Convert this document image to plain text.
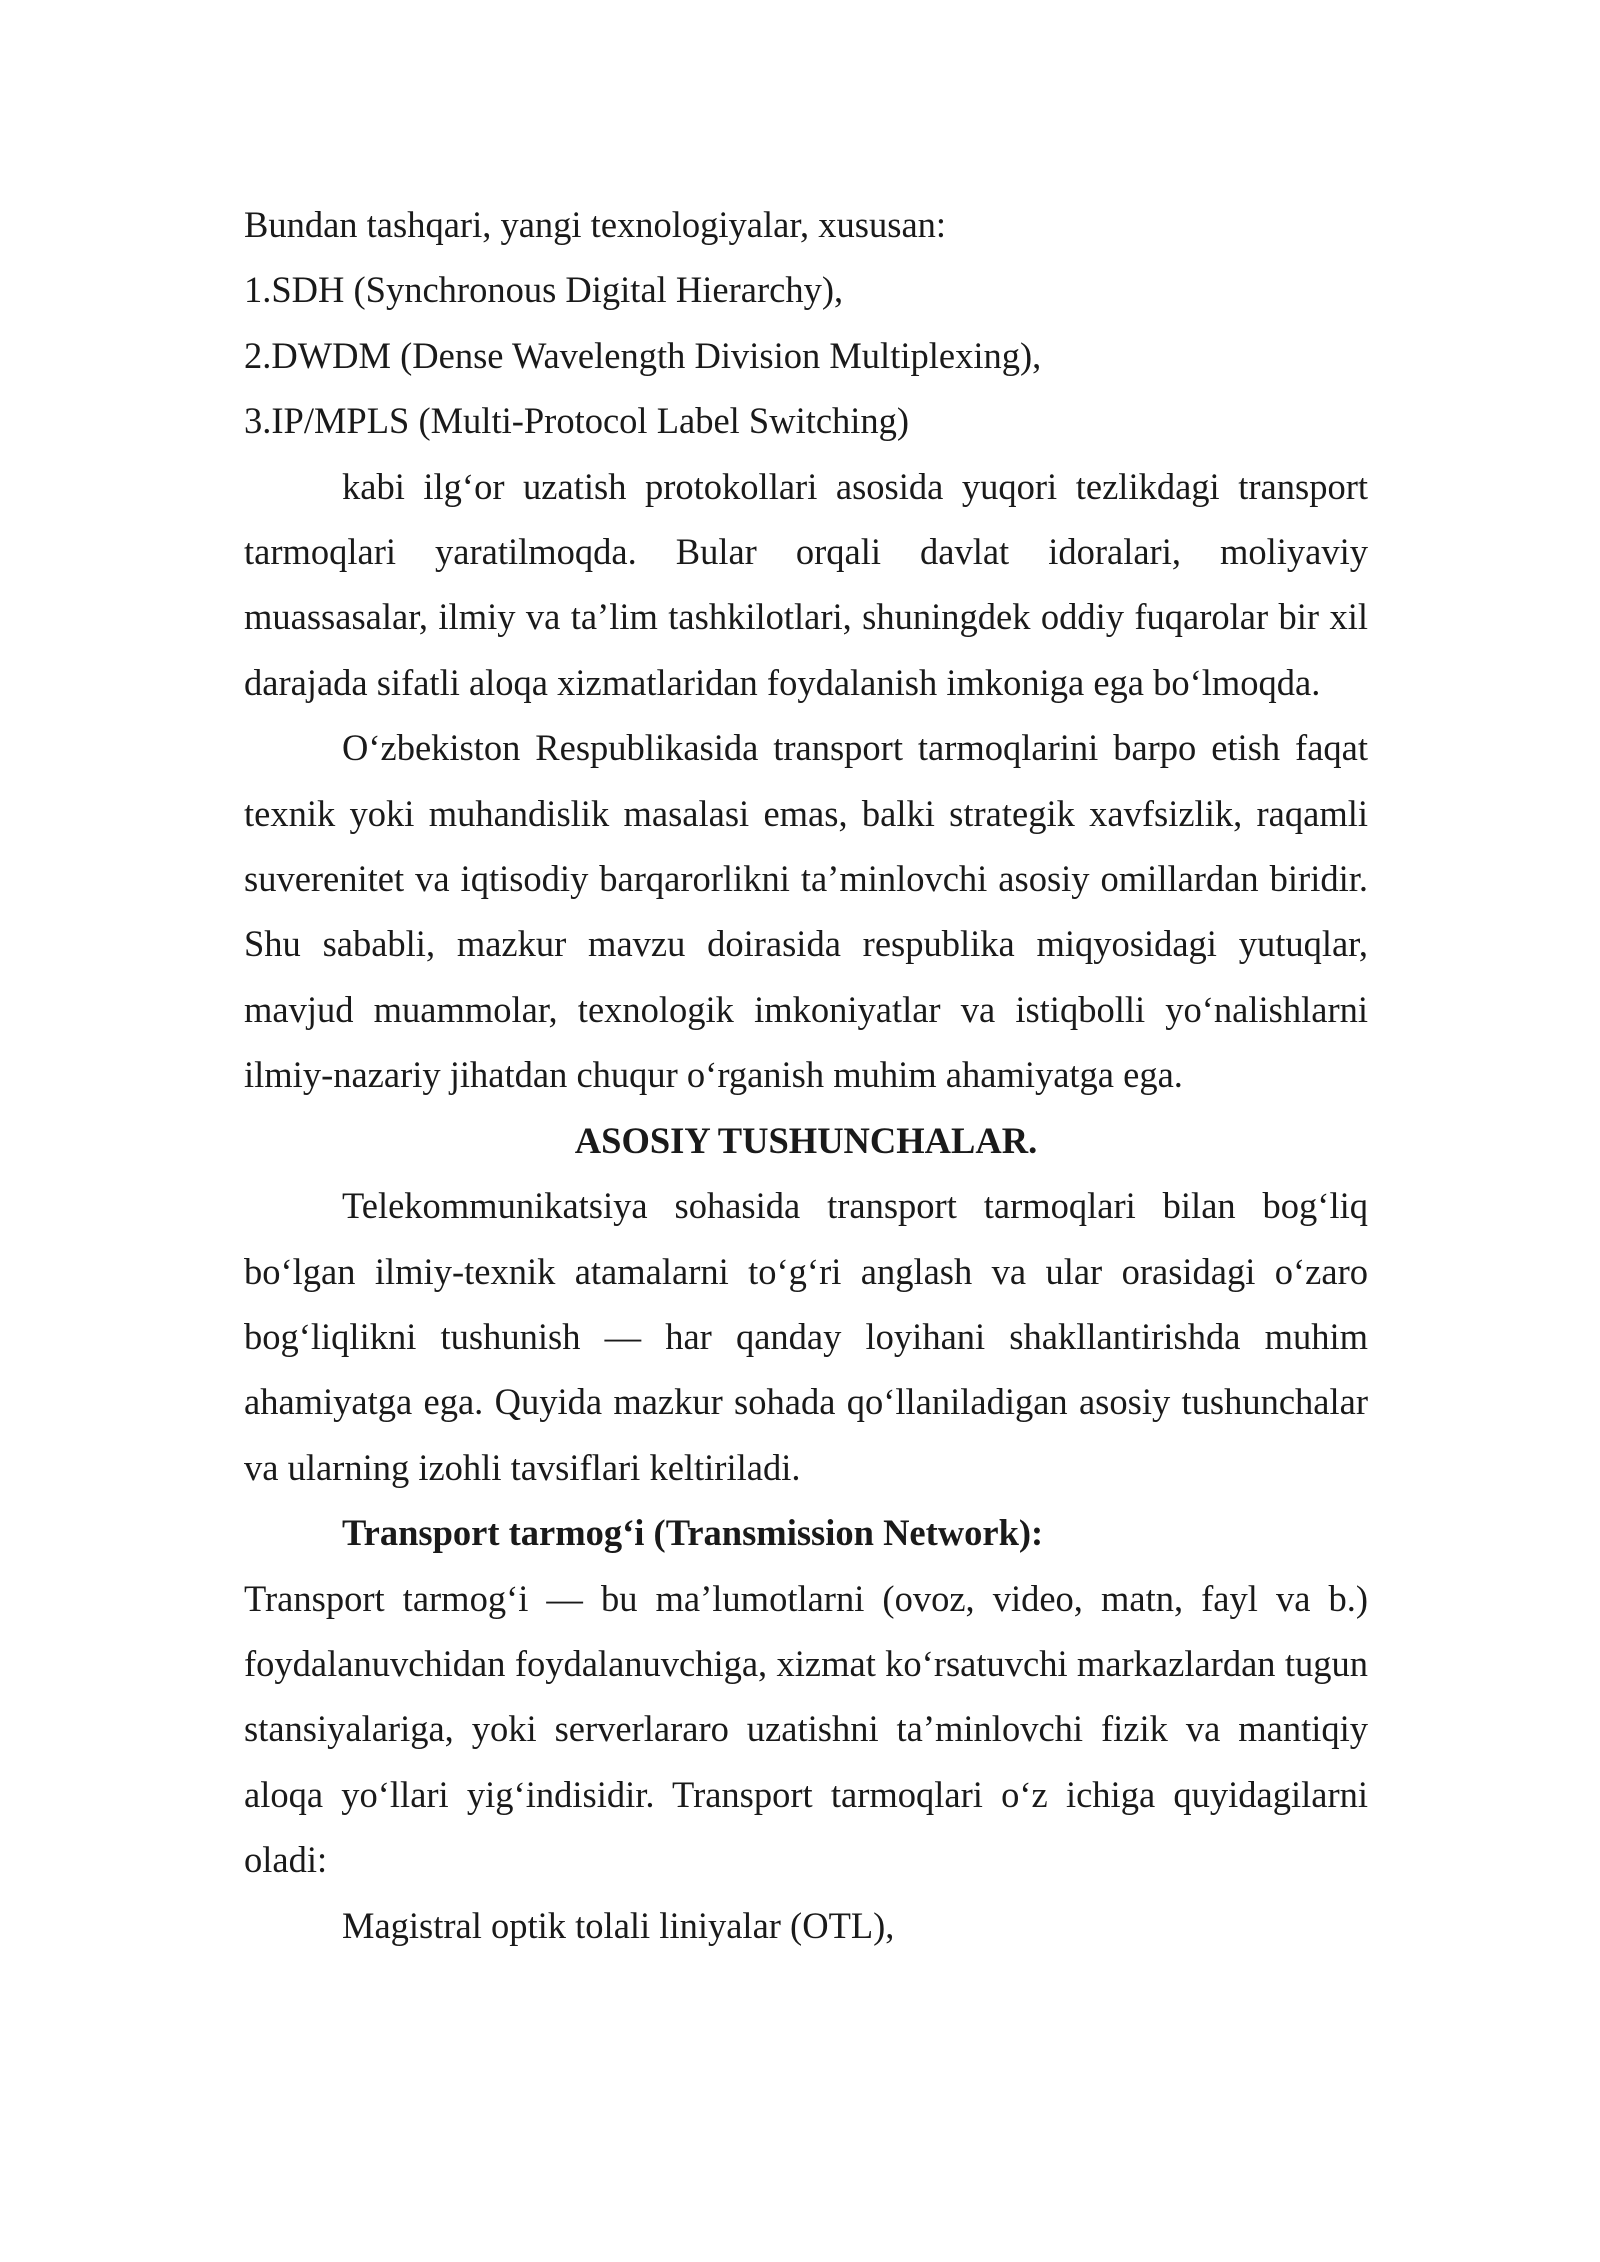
Bundan tashqari, yangi texnologiyalar, xususan:

1.SDH (Synchronous Digital Hierarchy),

2.DWDM (Dense Wavelength Division Multiplexing),

3.IP/MPLS (Multi-Protocol Label Switching)

kabi ilg‘or uzatish protokollari asosida yuqori tezlikdagi transport tarmoqlari yaratilmoqda. Bular orqali davlat idoralari, moliyaviy muassasalar, ilmiy va ta’lim tashkilotlari, shuningdek oddiy fuqarolar bir xil darajada sifatli aloqa xizmatlaridan foydalanish imkoniga ega bo‘lmoqda.

O‘zbekiston Respublikasida transport tarmoqlarini barpo etish faqat texnik yoki muhandislik masalasi emas, balki strategik xavfsizlik, raqamli suverenitet va iqtisodiy barqarorlikni ta’minlovchi asosiy omillardan biridir. Shu sababli, mazkur mavzu doirasida respublika miqyosidagi yutuqlar, mavjud muammolar, texnologik imkoniyatlar va istiqbolli yo‘nalishlarni ilmiy-nazariy jihatdan chuqur o‘rganish muhim ahamiyatga ega.

ASOSIY TUSHUNCHALAR.

Telekommunikatsiya sohasida transport tarmoqlari bilan bog‘liq bo‘lgan ilmiy-texnik atamalarni to‘g‘ri anglash va ular orasidagi o‘zaro bog‘liqlikni tushunish — har qanday loyihani shakllantirishda muhim ahamiyatga ega. Quyida mazkur sohada qo‘llaniladigan asosiy tushunchalar va ularning izohli tavsiflari keltiriladi.

Transport tarmog‘i (Transmission Network):

Transport tarmog‘i — bu ma’lumotlarni (ovoz, video, matn, fayl va b.) foydalanuvchidan foydalanuvchiga, xizmat ko‘rsatuvchi markazlardan tugun stansiyalariga, yoki serverlararo uzatishni ta’minlovchi fizik va mantiqiy aloqa yo‘llari yig‘indisidir. Transport tarmoqlari o‘z ichiga quyidagilarni oladi:

Magistral optik tolali liniyalar (OTL),
